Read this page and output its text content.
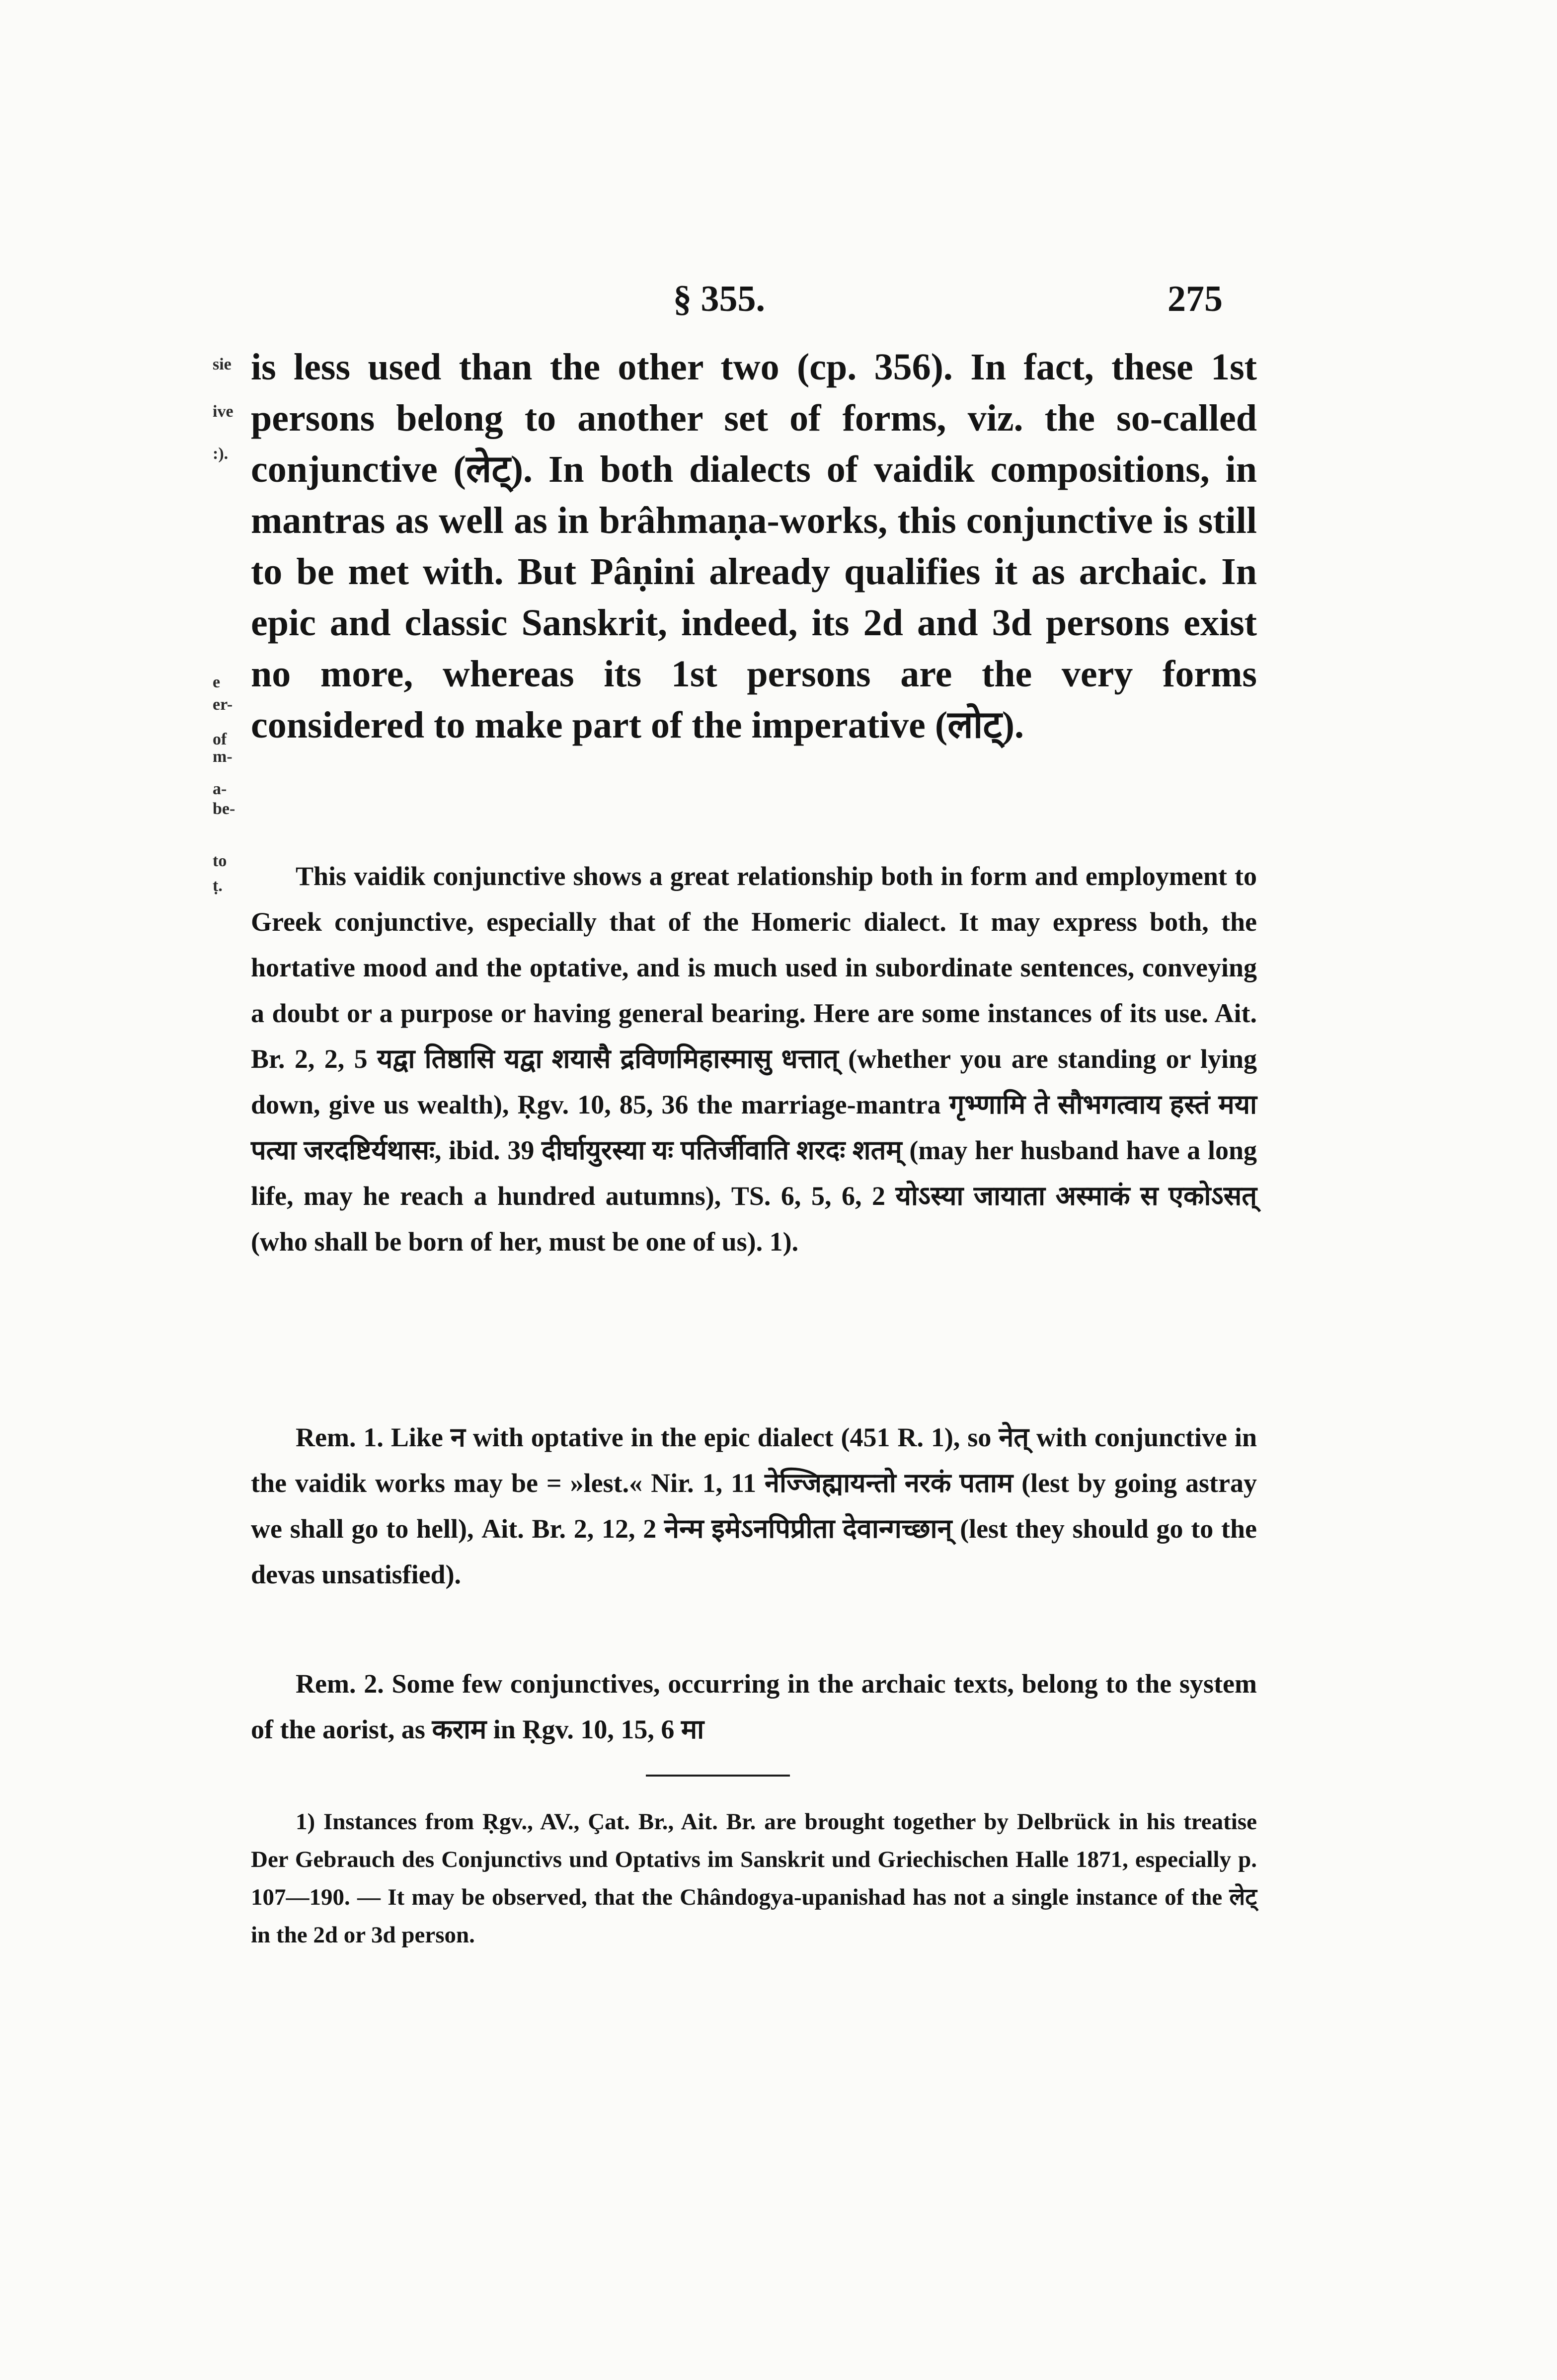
§ 355.	275
sie
ive
:).
e
er-
of
m-
a-
be-
to
ṭ.

is less used than the other two (cp. 356). In fact, these 1st persons belong to another set of forms, viz. the so-called conjunctive (लेट्). In both dialects of vaidik compositions, in mantras as well as in brâhmaṇa-works, this conjunctive is still to be met with. But Pâṇini already qualifies it as archaic. In epic and classic Sanskrit, indeed, its 2d and 3d persons exist no more, whereas its 1st persons are the very forms considered to make part of the imperative (लोट्).

This vaidik conjunctive shows a great relationship both in form and employment to Greek conjunctive, especially that of the Homeric dialect. It may express both, the hortative mood and the optative, and is much used in subordinate sentences, conveying a doubt or a purpose or having general bearing. Here are some instances of its use. Ait. Br. 2, 2, 5 यद्वा तिष्ठासि यद्वा शयासै द्रविणमिहास्मासु धत्तात् (whether you are standing or lying down, give us wealth), Ṛgv. 10, 85, 36 the marriage-mantra गृभ्णामि ते सौभगत्वाय हस्तं मया पत्या जरदष्टिर्यथासः, ibid. 39 दीर्घायुरस्या यः पतिर्जीवाति शरदः शतम् (may her husband have a long life, may he reach a hundred autumns), TS. 6, 5, 6, 2 योऽस्या जायाता अस्माकं स एकोऽसत् (who shall be born of her, must be one of us). 1).

Rem. 1. Like न with optative in the epic dialect (451 R. 1), so नेत् with conjunctive in the vaidik works may be = »lest.« Nir. 1, 11 नेज्जिह्मायन्तो नरकं पताम (lest by going astray we shall go to hell), Ait. Br. 2, 12, 2 नेन्म इमेऽनपिप्रीता देवान्गच्छान् (lest they should go to the devas unsatisfied).

Rem. 2. Some few conjunctives, occurring in the archaic texts, belong to the system of the aorist, as कराम in Ṛgv. 10, 15, 6 मा

1) Instances from Ṛgv., AV., Çat. Br., Ait. Br. are brought together by Delbrück in his treatise Der Gebrauch des Conjunctivs und Optativs im Sanskrit und Griechischen Halle 1871, especially p. 107—190. — It may be observed, that the Chândogya-upanishad has not a single instance of the लेट् in the 2d or 3d person.
